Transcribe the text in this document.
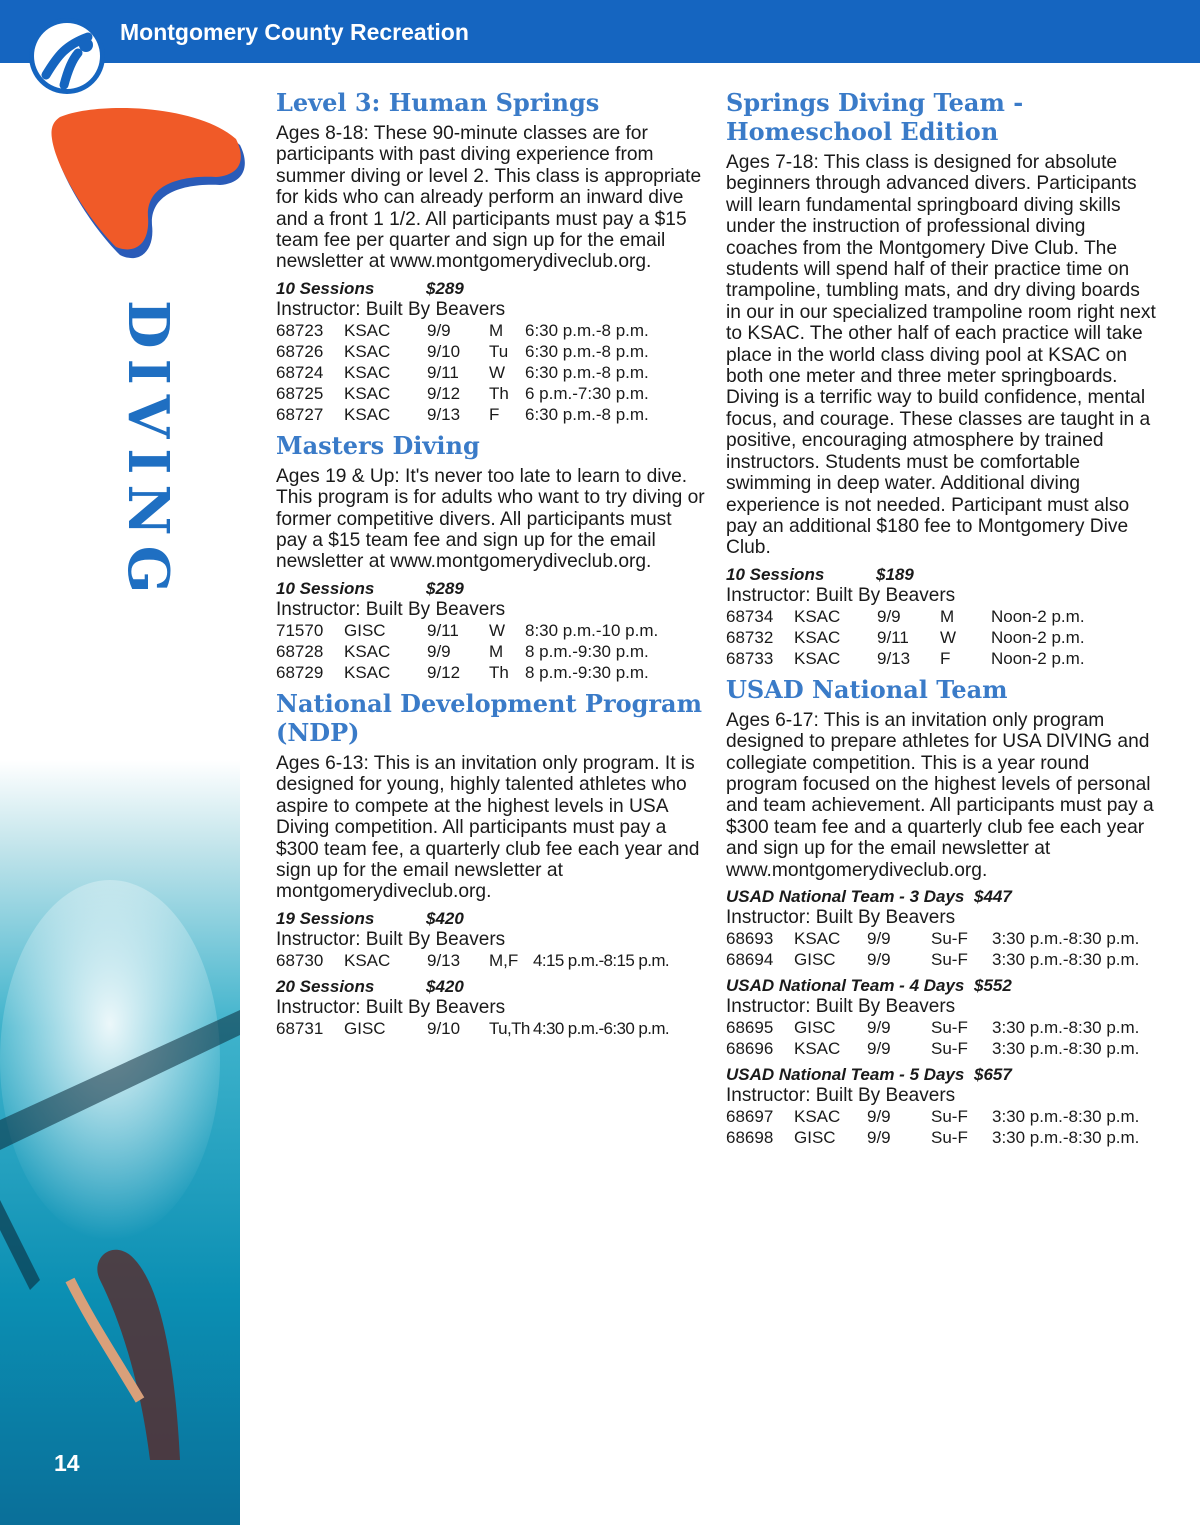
Montgomery County Recreation
DIVING
14
Level 3: Human Springs

Ages 8-18: These 90-minute classes are for participants with past diving experience from summer diving or level 2. This class is appropriate for kids who can already perform an inward dive and a front 1 1/2. All participants must pay a $15 team fee per quarter and sign up for the email newsletter at www.montgomerydiveclub.org.

10 Sessions	$289
Instructor: Built By Beavers
68723	KSAC	9/9	M	6:30 p.m.-8 p.m.
68726	KSAC	9/10	Tu 6:30 p.m.-8 p.m.
68724	KSAC	9/11	W	6:30 p.m.-8 p.m.
68725	KSAC	9/12	Th 6 p.m.-7:30 p.m.
68727	KSAC	9/13	F	6:30 p.m.-8 p.m.
Masters Diving

Ages 19 & Up: It's never too late to learn to dive. This program is for adults who want to try diving or former competitive divers. All participants must pay a $15 team fee and sign up for the email newsletter at www.montgomerydiveclub.org.

10 Sessions	$289
Instructor: Built By Beavers
71570	GISC	9/11	W	8:30 p.m.-10 p.m.
68728	KSAC	9/9	M	8 p.m.-9:30 p.m.
68729	KSAC	9/12	Th 8 p.m.-9:30 p.m.
National Development Program (NDP)

Ages 6-13: This is an invitation only program. It is designed for young, highly talented athletes who aspire to compete at the highest levels in USA Diving competition. All participants must pay a $300 team fee, a quarterly club fee each year and sign up for the email newsletter at montgomerydiveclub.org.

19 Sessions	$420
Instructor: Built By Beavers
68730	KSAC	9/13	M,F 4:15 p.m.-8:15 p.m.
20 Sessions	$420
Instructor: Built By Beavers
68731	GISC	9/10	Tu,Th 4:30 p.m.-6:30 p.m.
Springs Diving Team - Homeschool Edition

Ages 7-18: This class is designed for absolute beginners through advanced divers. Participants will learn fundamental springboard diving skills under the instruction of professional diving coaches from the Montgomery Dive Club. The students will spend half of their practice time on trampoline, tumbling mats, and dry diving boards in our in our specialized trampoline room right next to KSAC. The other half of each practice will take place in the world class diving pool at KSAC on both one meter and three meter springboards. Diving is a terrific way to build confidence, mental focus, and courage. These classes are taught in a positive, encouraging atmosphere by trained instructors. Students must be comfortable swimming in deep water. Additional diving experience is not needed. Participant must also pay an additional $180 fee to Montgomery Dive Club.

10 Sessions	$189
Instructor: Built By Beavers
68734	KSAC	9/9	M	Noon-2 p.m.
68732	KSAC	9/11	W	Noon-2 p.m.
68733	KSAC	9/13	F	Noon-2 p.m.
USAD National Team

Ages 6-17: This is an invitation only program designed to prepare athletes for USA DIVING and collegiate competition. This is a year round program focused on the highest levels of personal and team achievement. All participants must pay a $300 team fee and a quarterly club fee each year and sign up for the email newsletter at www.montgomerydiveclub.org.

USAD National Team - 3 Days $447
Instructor: Built By Beavers
68693	KSAC	9/9	Su-F	3:30 p.m.-8:30 p.m.
68694	GISC	9/9	Su-F	3:30 p.m.-8:30 p.m.
USAD National Team - 4 Days $552
Instructor: Built By Beavers
68695	GISC	9/9	Su-F	3:30 p.m.-8:30 p.m.
68696	KSAC	9/9	Su-F	3:30 p.m.-8:30 p.m.
USAD National Team - 5 Days $657
Instructor: Built By Beavers
68697	KSAC	9/9	Su-F	3:30 p.m.-8:30 p.m.
68698	GISC	9/9	Su-F	3:30 p.m.-8:30 p.m.
